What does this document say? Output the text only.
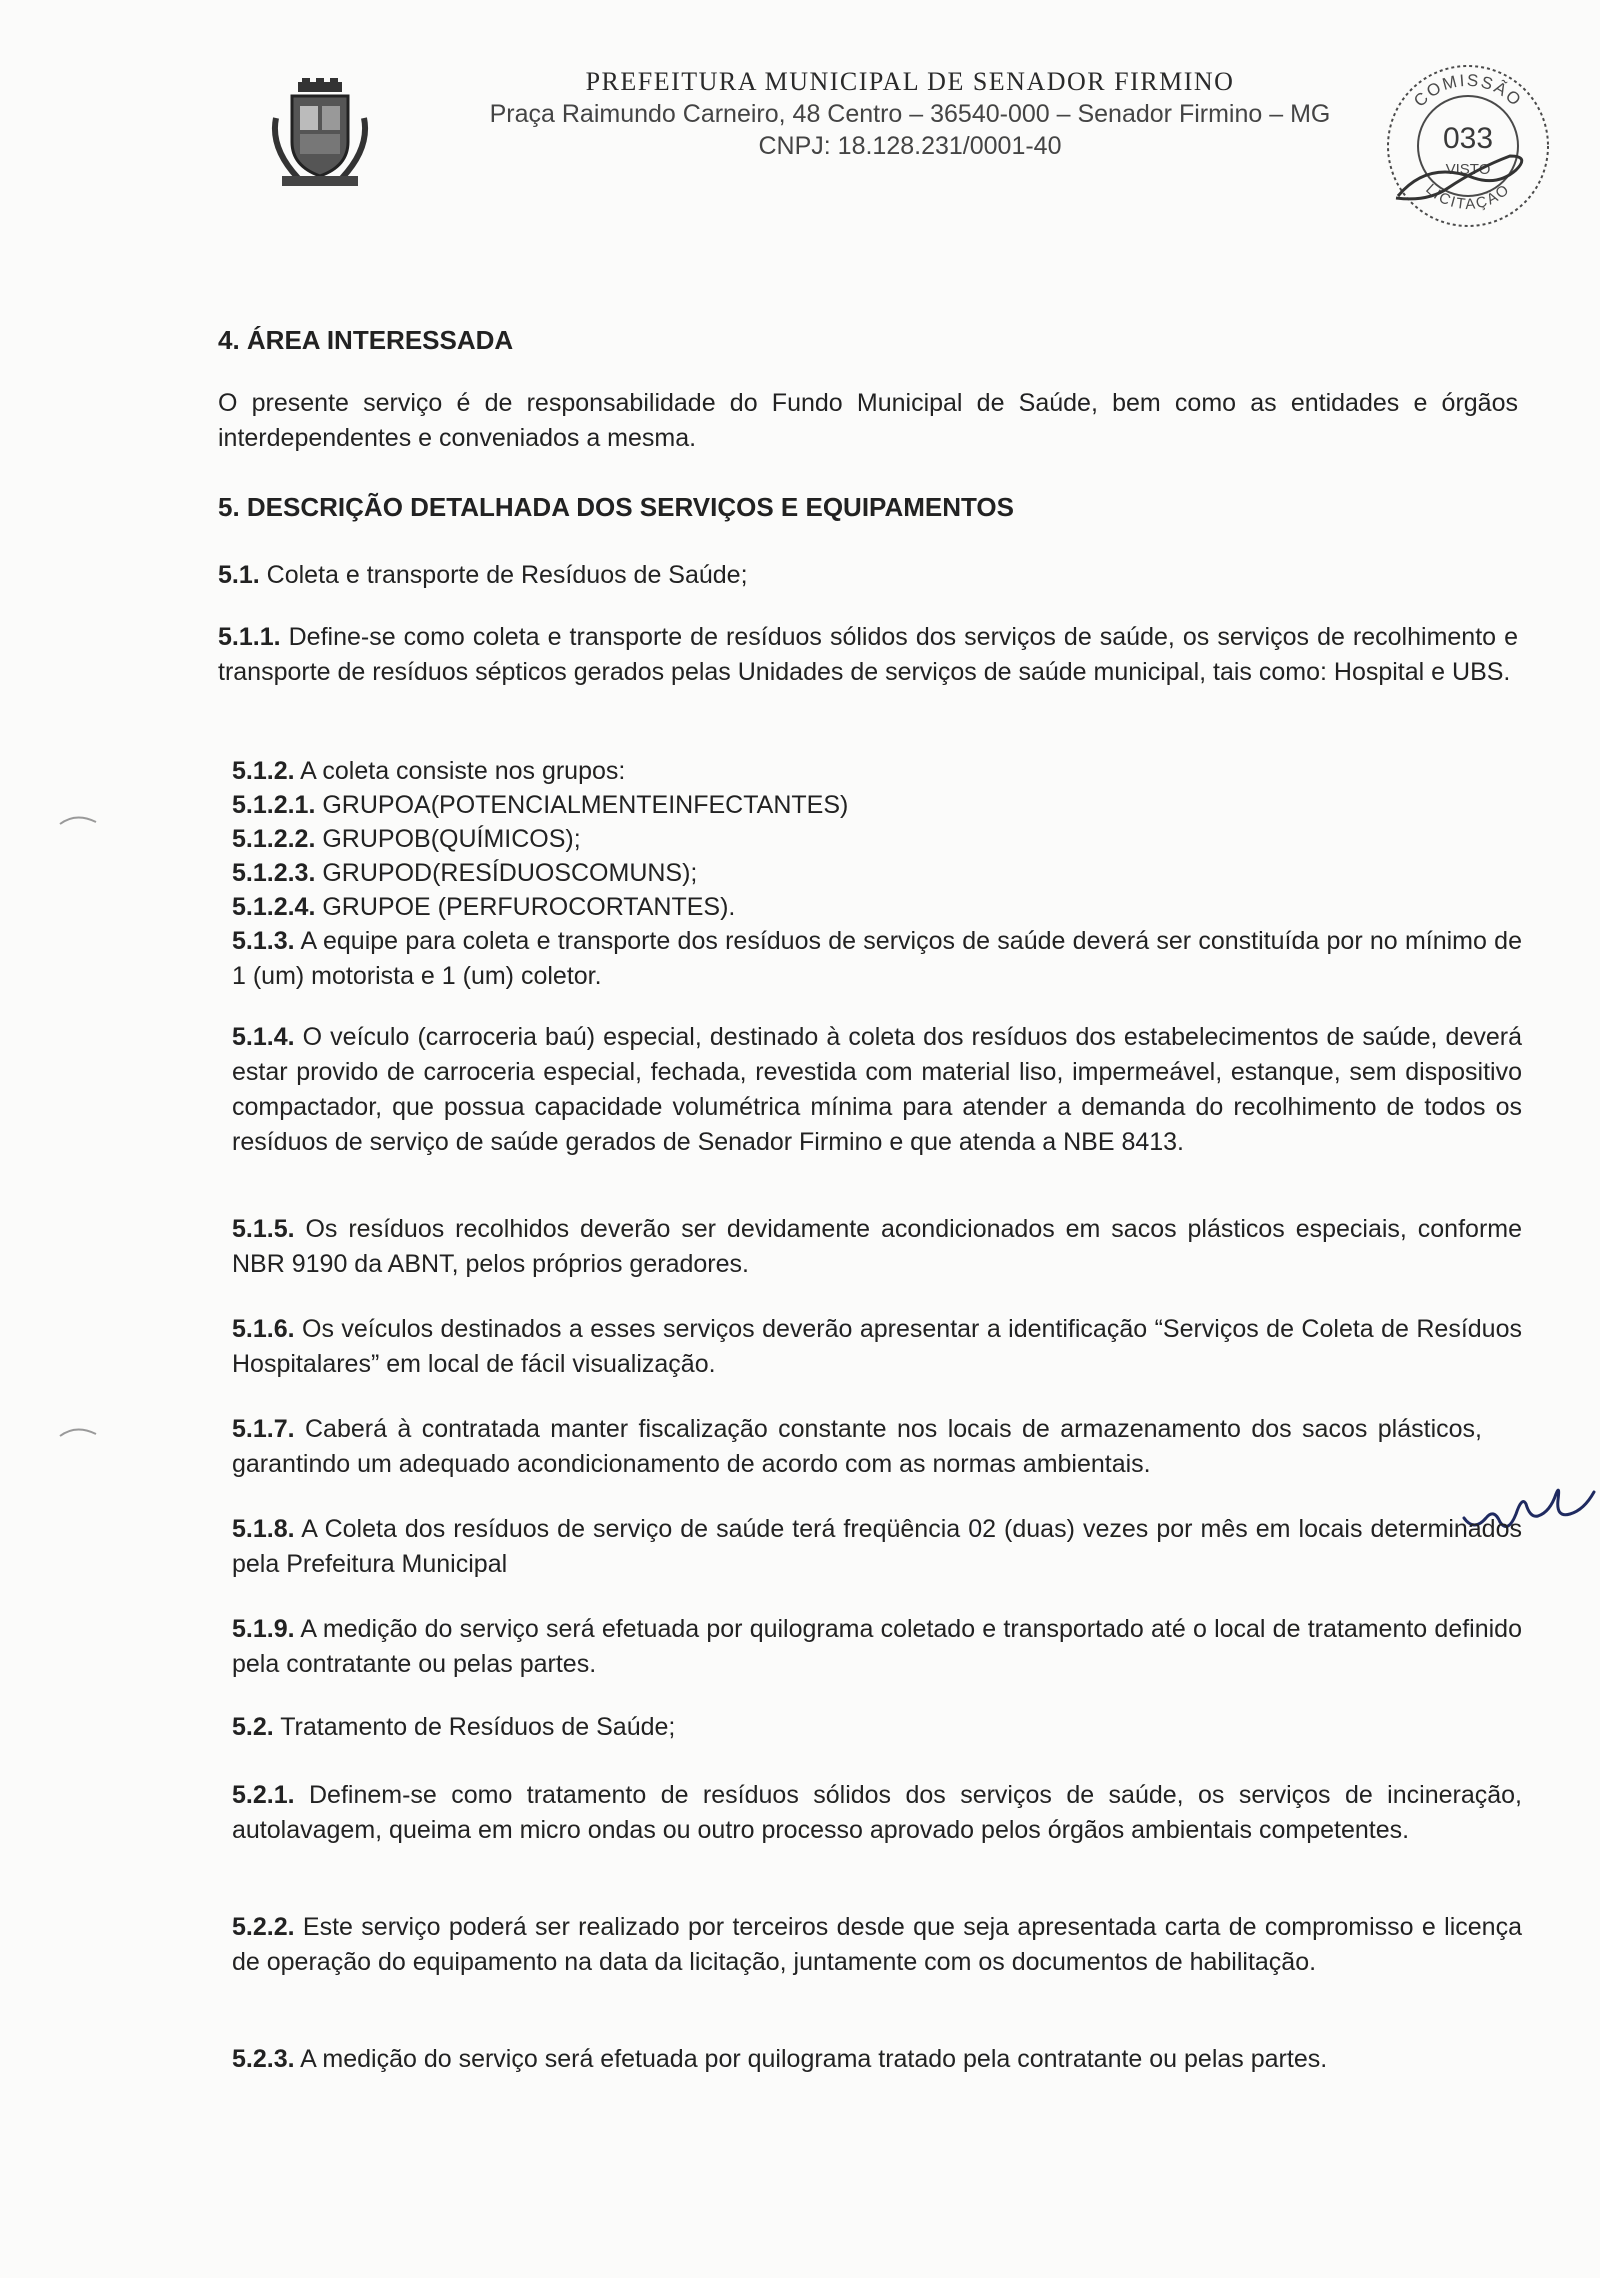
PREFEITURA MUNICIPAL DE SENADOR FIRMINO
Praça Raimundo Carneiro, 48 Centro – 36540-000 – Senador Firmino – MG
CNPJ: 18.128.231/0001-40
COMISSÃO
033
VISTO
LICITAÇÃO
4. ÁREA INTERESSADA
O presente serviço é de responsabilidade do Fundo Municipal de Saúde, bem como as entidades e órgãos interdependentes e conveniados a mesma.
5. DESCRIÇÃO DETALHADA DOS SERVIÇOS E EQUIPAMENTOS
5.1. Coleta e transporte de Resíduos de Saúde;
5.1.1. Define-se como coleta e transporte de resíduos sólidos dos serviços de saúde, os serviços de recolhimento e transporte de resíduos sépticos gerados pelas Unidades de serviços de saúde municipal, tais como: Hospital e UBS.
5.1.2. A coleta consiste nos grupos:
5.1.2.1. GRUPOA(POTENCIALMENTEINFECTANTES)
5.1.2.2. GRUPOB(QUÍMICOS);
5.1.2.3. GRUPOD(RESÍDUOSCOMUNS);
5.1.2.4. GRUPOE (PERFUROCORTANTES).
5.1.3. A equipe para coleta e transporte dos resíduos de serviços de saúde deverá ser constituída por no mínimo de 1 (um) motorista e 1 (um) coletor.
5.1.4. O veículo (carroceria baú) especial, destinado à coleta dos resíduos dos estabelecimentos de saúde, deverá estar provido de carroceria especial, fechada, revestida com material liso, impermeável, estanque, sem dispositivo compactador, que possua capacidade volumétrica mínima para atender a demanda do recolhimento de todos os resíduos de serviço de saúde gerados de Senador Firmino e que atenda a NBE 8413.
5.1.5. Os resíduos recolhidos deverão ser devidamente acondicionados em sacos plásticos especiais, conforme NBR 9190 da ABNT, pelos próprios geradores.
5.1.6. Os veículos destinados a esses serviços deverão apresentar a identificação “Serviços de Coleta de Resíduos Hospitalares” em local de fácil visualização.
5.1.7. Caberá à contratada manter fiscalização constante nos locais de armazenamento dos sacos plásticos, garantindo um adequado acondicionamento de acordo com as normas ambientais.
5.1.8. A Coleta dos resíduos de serviço de saúde terá freqüência 02 (duas) vezes por mês em locais determinados pela Prefeitura Municipal
5.1.9. A medição do serviço será efetuada por quilograma coletado e transportado até o local de tratamento definido pela contratante ou pelas partes.
5.2. Tratamento de Resíduos de Saúde;
5.2.1. Definem-se como tratamento de resíduos sólidos dos serviços de saúde, os serviços de incineração, autolavagem, queima em micro ondas ou outro processo aprovado pelos órgãos ambientais competentes.
5.2.2. Este serviço poderá ser realizado por terceiros desde que seja apresentada carta de compromisso e licença de operação do equipamento na data da licitação, juntamente com os documentos de habilitação.
5.2.3. A medição do serviço será efetuada por quilograma tratado pela contratante ou pelas partes.
